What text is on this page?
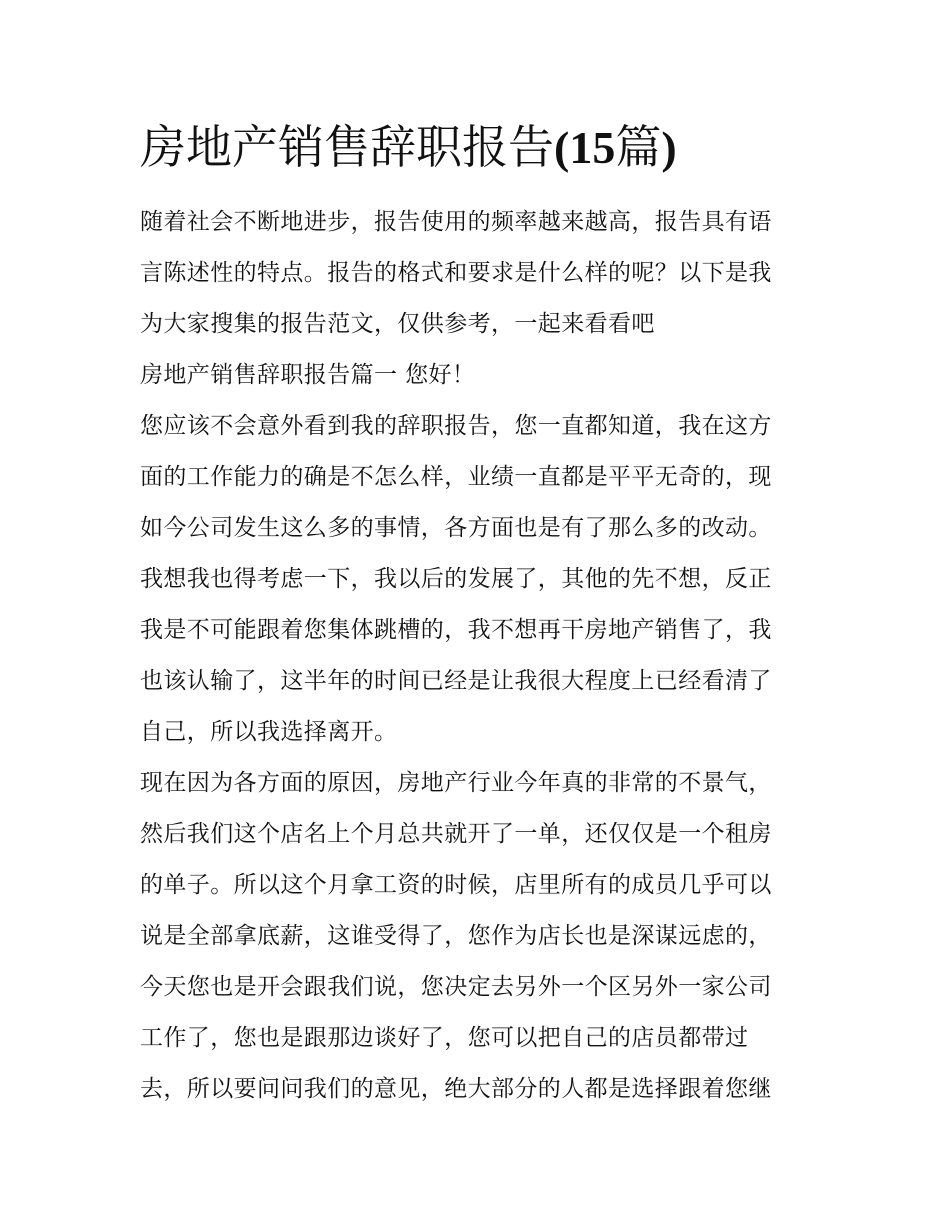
房地产销售辞职报告(15篇)

随着社会不断地进步，报告使用的频率越来越高，报告具有语

言陈述性的特点。报告的格式和要求是什么样的呢？以下是我

为大家搜集的报告范文，仅供参考，一起来看看吧

房地产销售辞职报告篇一 您好！

您应该不会意外看到我的辞职报告，您一直都知道，我在这方

面的工作能力的确是不怎么样，业绩一直都是平平无奇的，现

如今公司发生这么多的事情，各方面也是有了那么多的改动。

我想我也得考虑一下，我以后的发展了，其他的先不想，反正

我是不可能跟着您集体跳槽的，我不想再干房地产销售了，我

也该认输了，这半年的时间已经是让我很大程度上已经看清了

自己，所以我选择离开。

现在因为各方面的原因，房地产行业今年真的非常的不景气，

然后我们这个店名上个月总共就开了一单，还仅仅是一个租房

的单子。所以这个月拿工资的时候，店里所有的成员几乎可以

说是全部拿底薪，这谁受得了，您作为店长也是深谋远虑的，

今天您也是开会跟我们说，您决定去另外一个区另外一家公司

工作了，您也是跟那边谈好了，您可以把自己的店员都带过

去，所以要问问我们的意见，绝大部分的人都是选择跟着您继
